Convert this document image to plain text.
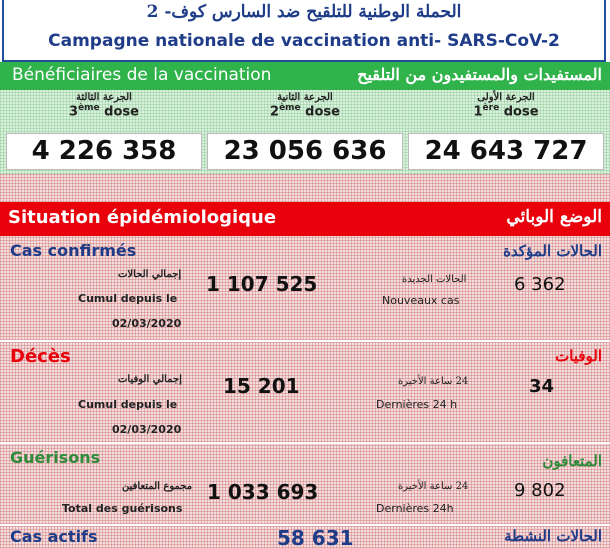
الحملة الوطنية للتلقيح ضد السارس كوف- 2
Campagne nationale de vaccination anti- SARS-CoV-2
Bénéficiaires de la vaccination	المستفيدات والمستفيدون من التلقيح
الجرعة الثالثة
3ème dose
الجرعة الثانية
2ème dose
الجرعة الأولى
1ère dose
4 226 358	23 056 636	24 643 727
Situation épidémiologique	الوضع الوبائي
Cas confirmés	الحالات المؤكدة
إجمالي الحالات
Cumul depuis le
02/03/2020
1 107 525	الحالات الجديدة
Nouveaux cas
6 362
Décès	الوفيات
إجمالي الوفيات
Cumul depuis le
02/03/2020
15 201	24 ساعة الأخيرة
Dernières 24 h
34
Guérisons	المتعافون
مجموع المتعافين
Total des guérisons
1 033 693	24 ساعة الأخيرة
Dernières 24h
9 802
Cas actifs	58 631	الحالات النشطة
